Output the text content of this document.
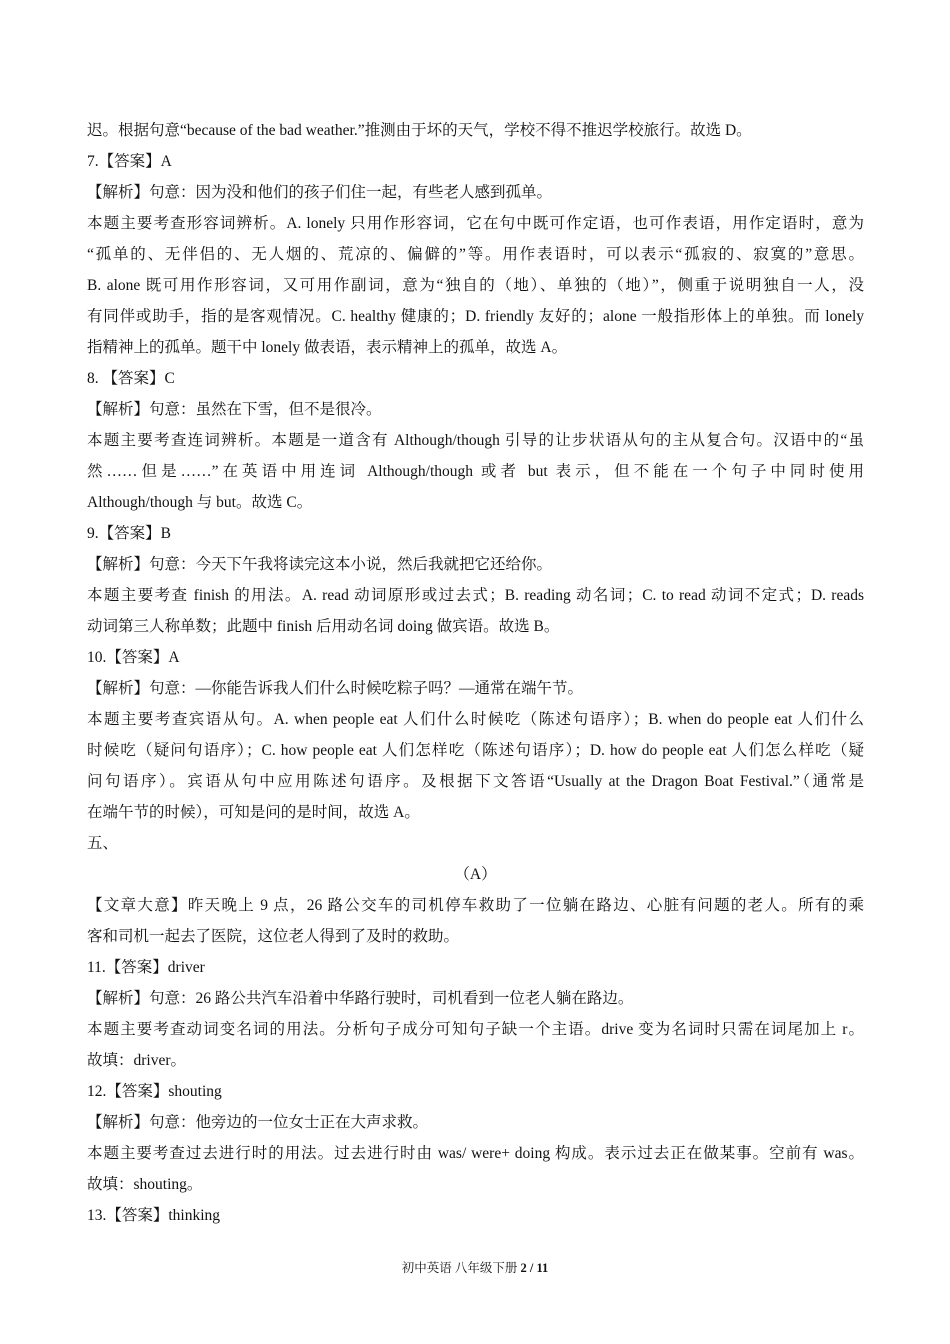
迟。根据句意“because of the bad weather.”推测由于坏的天气，学校不得不推迟学校旅行。故选 D。
7.【答案】A
【解析】句意：因为没和他们的孩子们住一起，有些老人感到孤单。
本题主要考查形容词辨析。A. lonely 只用作形容词，它在句中既可作定语，也可作表语，用作定语时，意为
“孤单的、无伴侣的、无人烟的、荒凉的、偏僻的”等。用作表语时，可以表示“孤寂的、寂寞的”意思。
B. alone 既可用作形容词，又可用作副词，意为“独自的（地）、单独的（地）”，侧重于说明独自一人，没
有同伴或助手，指的是客观情况。C. healthy 健康的；D. friendly 友好的；alone 一般指形体上的单独。而 lonely
指精神上的孤单。题干中 lonely 做表语，表示精神上的孤单，故选 A。
8. 【答案】C
【解析】句意：虽然在下雪，但不是很冷。
本题主要考查连词辨析。本题是一道含有 Although/though 引导的让步状语从句的主从复合句。汉语中的“虽
然……但是……”在英语中用连词 Although/though 或者 but 表示，但不能在一个句子中同时使用
Although/though 与 but。故选 C。
9.【答案】B
【解析】句意：今天下午我将读完这本小说，然后我就把它还给你。
本题主要考查 finish 的用法。A. read 动词原形或过去式；B. reading 动名词；C. to read 动词不定式；D. reads
动词第三人称单数；此题中 finish 后用动名词 doing 做宾语。故选 B。
10.【答案】A
【解析】句意：—你能告诉我人们什么时候吃粽子吗？—通常在端午节。
本题主要考查宾语从句。A. when people eat 人们什么时候吃（陈述句语序）；B. when do people eat 人们什么
时候吃（疑问句语序）；C. how people eat 人们怎样吃（陈述句语序）；D. how do people eat 人们怎么样吃（疑
问句语序）。宾语从句中应用陈述句语序。及根据下文答语“Usually at the Dragon Boat Festival.”（通常是
在端午节的时候），可知是问的是时间，故选 A。
五、
（A）
【文章大意】昨天晚上 9 点，26 路公交车的司机停车救助了一位躺在路边、心脏有问题的老人。所有的乘
客和司机一起去了医院，这位老人得到了及时的救助。
11.【答案】driver
【解析】句意：26 路公共汽车沿着中华路行驶时，司机看到一位老人躺在路边。
本题主要考查动词变名词的用法。分析句子成分可知句子缺一个主语。drive 变为名词时只需在词尾加上 r。
故填：driver。
12.【答案】shouting
【解析】句意：他旁边的一位女士正在大声求救。
本题主要考查过去进行时的用法。过去进行时由 was/ were+ doing 构成。表示过去正在做某事。空前有 was。
故填：shouting。
13.【答案】thinking
初中英语 八年级下册 2 / 11
